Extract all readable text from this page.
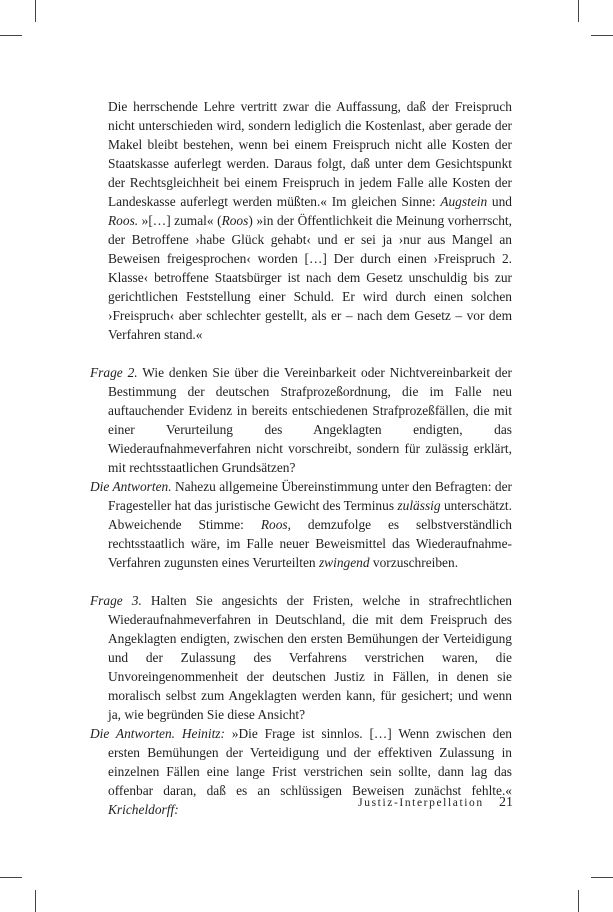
Die herrschende Lehre vertritt zwar die Auffassung, daß der Freispruch nicht unterschieden wird, sondern lediglich die Kostenlast, aber gerade der Makel bleibt bestehen, wenn bei einem Freispruch nicht alle Kosten der Staatskasse auferlegt werden. Daraus folgt, daß unter dem Gesichtspunkt der Rechtsgleichheit bei einem Freispruch in jedem Falle alle Kosten der Landeskasse auferlegt werden müßten.« Im gleichen Sinne: Augstein und Roos. »[…] zumal« (Roos) »in der Öffentlichkeit die Meinung vorherrscht, der Betroffene ›habe Glück gehabt‹ und er sei ja ›nur aus Mangel an Beweisen freigesprochen‹ worden […] Der durch einen ›Freispruch 2. Klasse‹ betroffene Staatsbürger ist nach dem Gesetz unschuldig bis zur gerichtlichen Feststellung einer Schuld. Er wird durch einen solchen ›Freispruch‹ aber schlechter gestellt, als er – nach dem Gesetz – vor dem Verfahren stand.«

Frage 2. Wie denken Sie über die Vereinbarkeit oder Nichtvereinbarkeit der Bestimmung der deutschen Strafprozeßordnung, die im Falle neu auftauchender Evidenz in bereits entschiedenen Strafprozeßfällen, die mit einer Verurteilung des Angeklagten endigten, das Wiederaufnahmeverfahren nicht vorschreibt, sondern für zulässig erklärt, mit rechtsstaatlichen Grundsätzen?

Die Antworten. Nahezu allgemeine Übereinstimmung unter den Befragten: der Fragesteller hat das juristische Gewicht des Terminus zulässig unterschätzt. Abweichende Stimme: Roos, demzufolge es selbstverständlich rechtsstaatlich wäre, im Falle neuer Beweismittel das Wiederaufnahme-Verfahren zugunsten eines Verurteilten zwingend vorzuschreiben.

Frage 3. Halten Sie angesichts der Fristen, welche in strafrechtlichen Wiederaufnahmeverfahren in Deutschland, die mit dem Freispruch des Angeklagten endigten, zwischen den ersten Bemühungen der Verteidigung und der Zulassung des Verfahrens verstrichen waren, die Unvoreingenommenheit der deutschen Justiz in Fällen, in denen sie moralisch selbst zum Angeklagten werden kann, für gesichert; und wenn ja, wie begründen Sie diese Ansicht?

Die Antworten. Heinitz: »Die Frage ist sinnlos. […] Wenn zwischen den ersten Bemühungen der Verteidigung und der effektiven Zulassung in einzelnen Fällen eine lange Frist verstrichen sein sollte, dann lag das offenbar daran, daß es an schlüssigen Beweisen zunächst fehlte.« Kricheldorff:	Justiz-Interpellation 21
